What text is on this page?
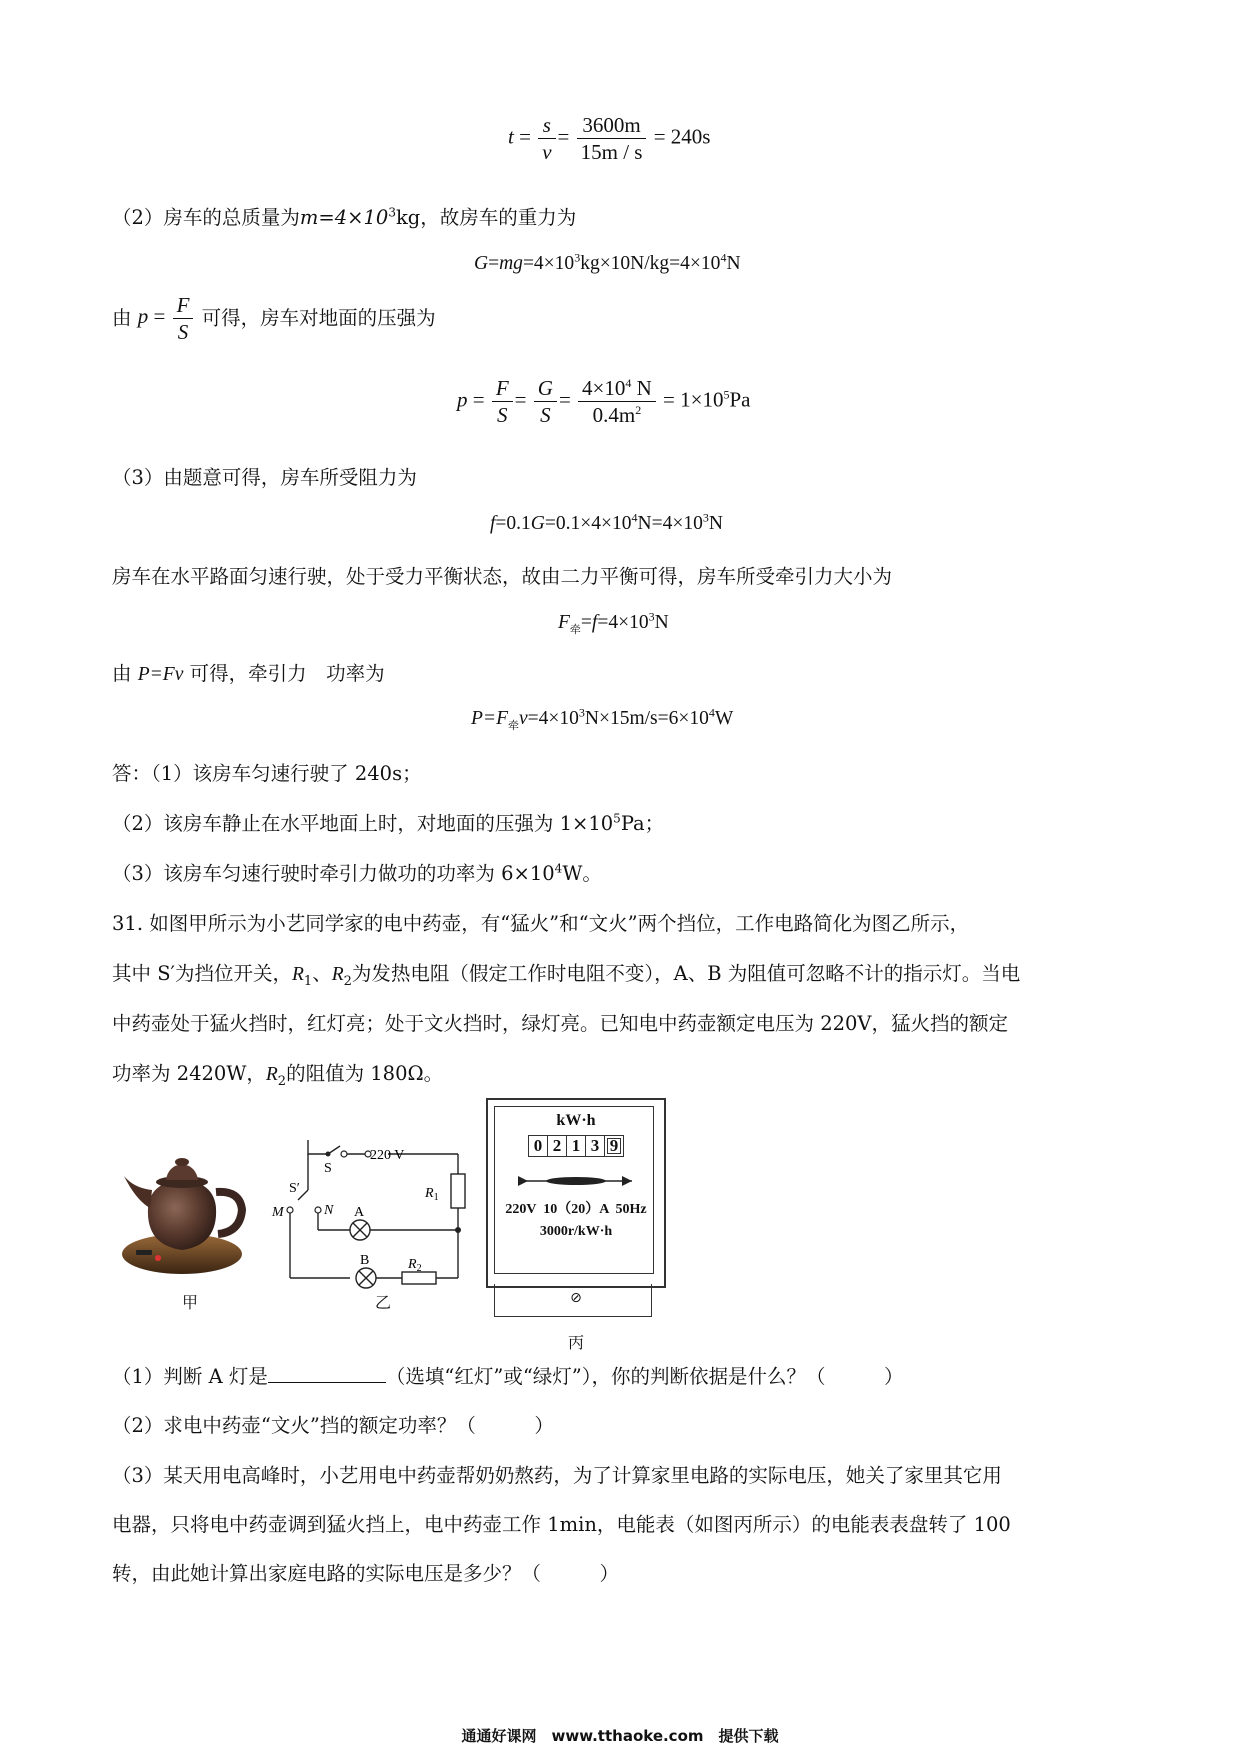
$t = \frac{s}{v} = \frac{3600m}{15m / s} = 240s$
（2）房车的总质量为$m=4\times 10^3kg$，故房车的重力为
$G=mg=4\times 10^3kg\times 10N/kg=4\times 10^4N$
由 $p = \frac{F}{S}$ 可得，房车对地面的压强为
$p = \frac{F}{S} = \frac{G}{S} = \frac{4\times 10^4 N}{0.4m^2} = 1\times 10^5Pa$
（3）由题意可得，房车所受阻力为
$f=0.1G=0.1\times 4\times 10^4N=4\times 10^3N$
房车在水平路面匀速行驶，处于受力平衡状态，故由二力平衡可得，房车所受牵引力大小为
$F_牵=f=4\times 10^3N$
由 P=Fv 可得，牵引力　功率为
$P=F_牵v=4\times 10^3N\times 15m/s=6\times 10^4W$
答：（1）该房车匀速行驶了 240s；
（2）该房车静止在水平地面上时，对地面的压强为 $1\times 10^5Pa$；
（3）该房车匀速行驶时牵引力做功的功率为 $6\times 10^4W$。
31. 如图甲所示为小艺同学家的电中药壶，有“猛火”和“文火”两个挡位，工作电路简化为图乙所示，
其中 S′为挡位开关，$R_1$、$R_2$为发热电阻（假定工作时电阻不变），A、B 为阻值可忽略不计的指示灯。当电
中药壶处于猛火挡时，红灯亮；处于文火挡时，绿灯亮。已知电中药壶额定电压为 220V，猛火挡的额定
功率为 2420W，$R_2$的阻值为 180Ω。
甲
S
220 V
S′
M	N A
B
$R_1$
$R_2$
乙
kW·h
0 2 1 3 9
220V  10（20）A  50Hz
3000r/kW·h
⊘
丙
（1）判断 A 灯是	（选填“红灯”或“绿灯”），你的判断依据是什么？（　　　）
（2）求电中药壶“文火”挡的额定功率？（　　　）
（3）某天用电高峰时，小艺用电中药壶帮奶奶熬药，为了计算家里电路的实际电压，她关了家里其它用
电器，只将电中药壶调到猛火挡上，电中药壶工作 1min，电能表（如图丙所示）的电能表表盘转了 100
转，由此她计算出家庭电路的实际电压是多少？（　　　）
通通好课网　www.tthaoke.com　提供下载
